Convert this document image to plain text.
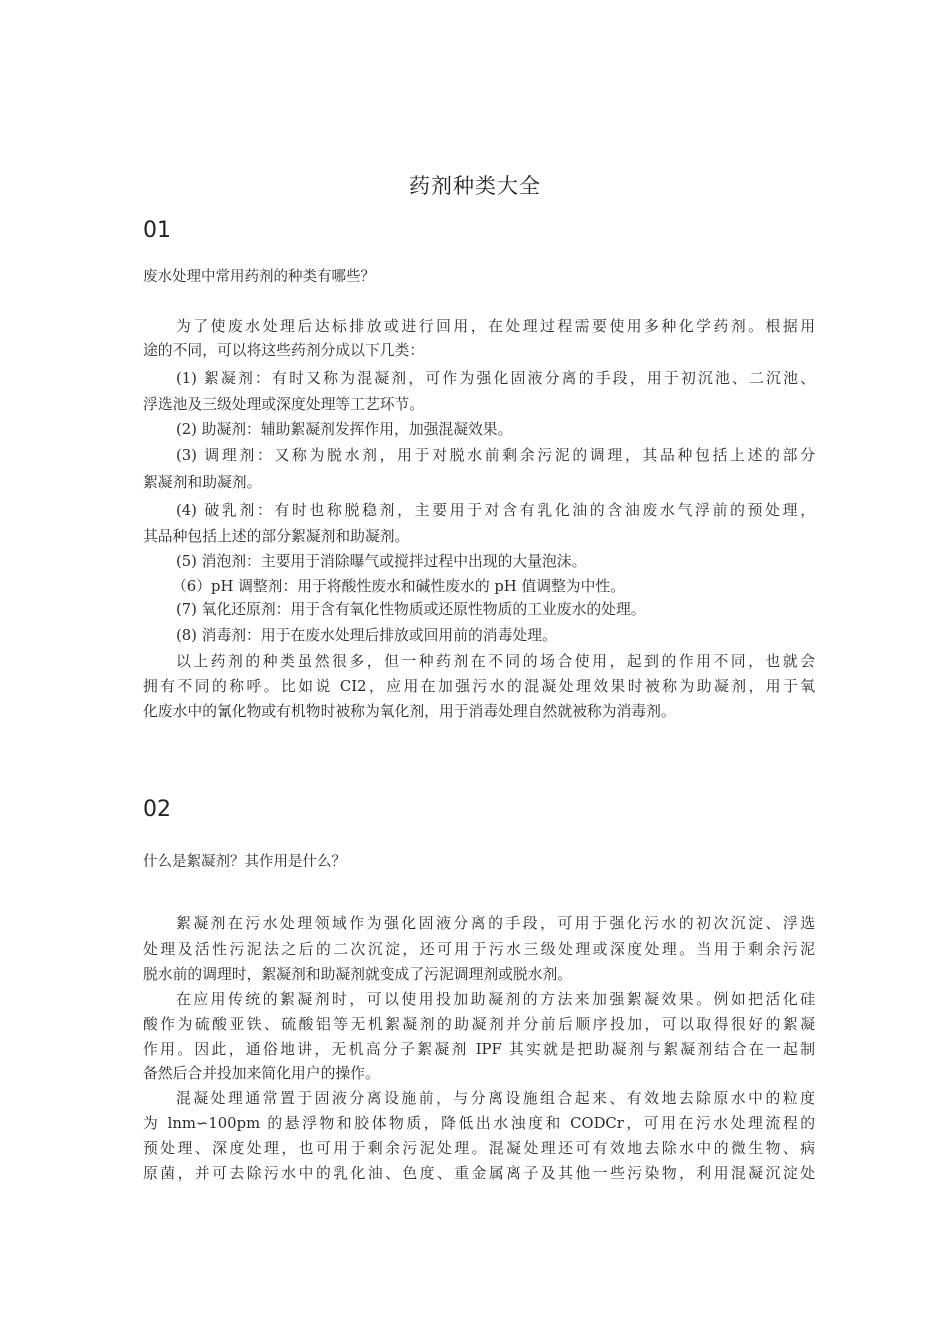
药剂种类大全
01
废水处理中常用药剂的种类有哪些？
为了使废水处理后达标排放或进行回用，在处理过程需要使用多种化学药剂。根据用
途的不同，可以将这些药剂分成以下几类：
(1) 絮凝剂：有时又称为混凝剂，可作为强化固液分离的手段，用于初沉池、二沉池、
浮选池及三级处理或深度处理等工艺环节。
(2) 助凝剂：辅助絮凝剂发挥作用，加强混凝效果。
(3) 调理剂：又称为脱水剂，用于对脱水前剩余污泥的调理，其品种包括上述的部分
絮凝剂和助凝剂。
(4) 破乳剂：有时也称脱稳剂，主要用于对含有乳化油的含油废水气浮前的预处理，
其品种包括上述的部分絮凝剂和助凝剂。
(5) 消泡剂：主要用于消除曝气或搅拌过程中出现的大量泡沫。
（6）pH 调整剂：用于将酸性废水和碱性废水的 pH 值调整为中性。
(7) 氧化还原剂：用于含有氧化性物质或还原性物质的工业废水的处理。
(8) 消毒剂：用于在废水处理后排放或回用前的消毒处理。
以上药剂的种类虽然很多，但一种药剂在不同的场合使用，起到的作用不同，也就会
拥有不同的称呼。比如说 CI2，应用在加强污水的混凝处理效果时被称为助凝剂，用于氧
化废水中的氰化物或有机物时被称为氧化剂，用于消毒处理自然就被称为消毒剂。
02
什么是絮凝剂？其作用是什么？
絮凝剂在污水处理领域作为强化固液分离的手段，可用于强化污水的初次沉淀、浮选
处理及活性污泥法之后的二次沉淀，还可用于污水三级处理或深度处理。当用于剩余污泥
脱水前的调理时，絮凝剂和助凝剂就变成了污泥调理剂或脱水剂。
在应用传统的絮凝剂时，可以使用投加助凝剂的方法来加强絮凝效果。例如把活化硅
酸作为硫酸亚铁、硫酸铝等无机絮凝剂的助凝剂并分前后顺序投加，可以取得很好的絮凝
作用。因此，通俗地讲，无机高分子絮凝剂 IPF 其实就是把助凝剂与絮凝剂结合在一起制
备然后合并投加来简化用户的操作。
混凝处理通常置于固液分离设施前，与分离设施组合起来、有效地去除原水中的粒度
为 lnm∽100pm 的悬浮物和胶体物质，降低出水浊度和 CODCr，可用在污水处理流程的
预处理、深度处理，也可用于剩余污泥处理。混凝处理还可有效地去除水中的微生物、病
原菌，并可去除污水中的乳化油、色度、重金属离子及其他一些污染物，利用混凝沉淀处
